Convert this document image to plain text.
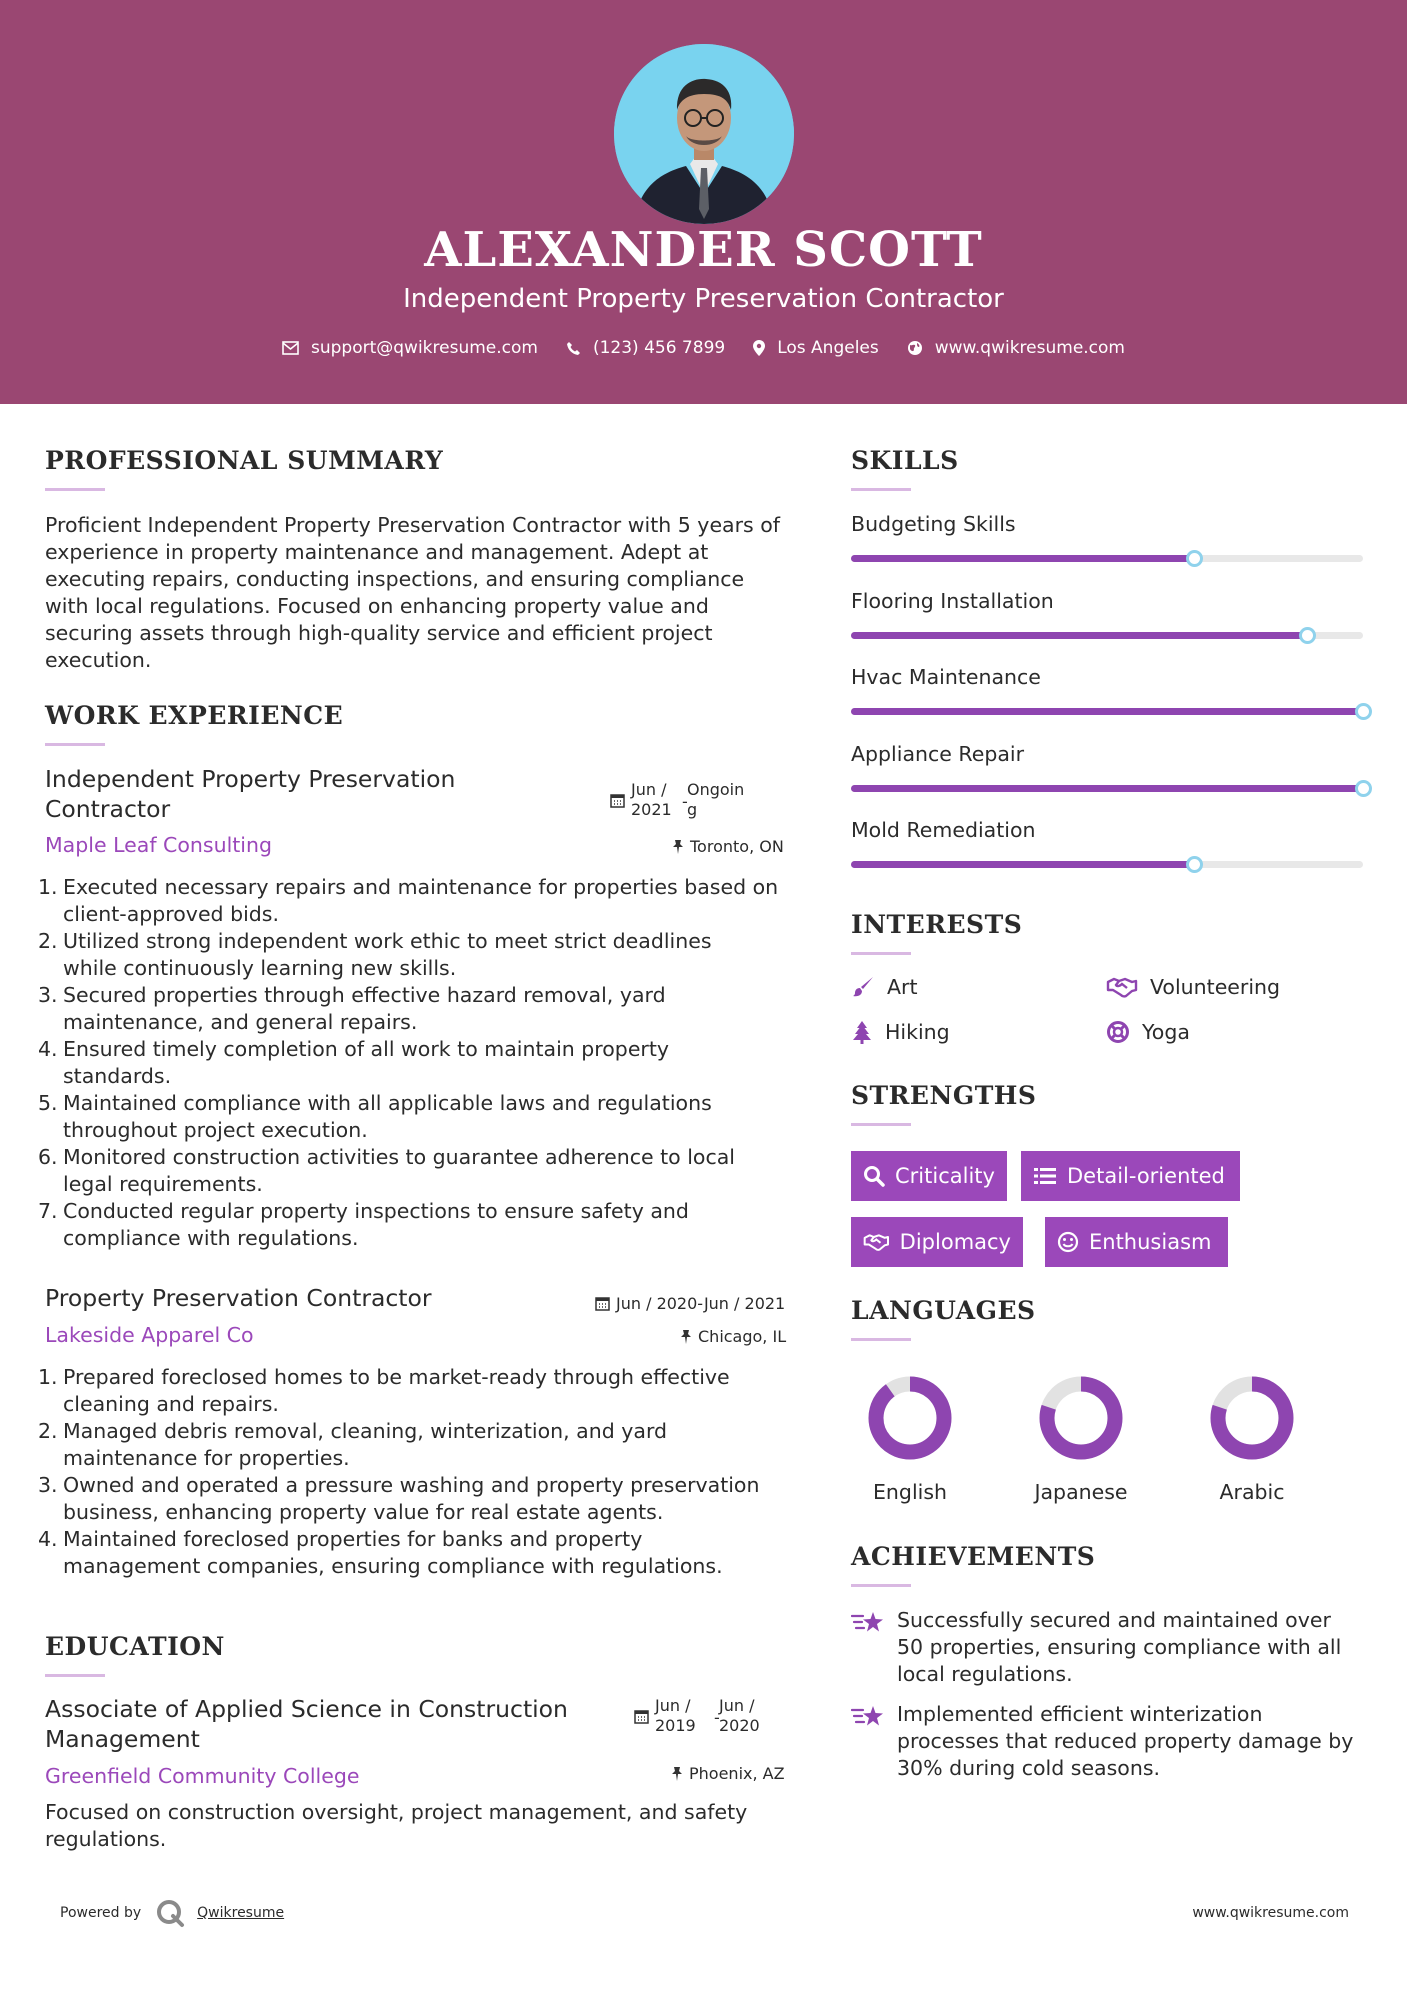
ALEXANDER SCOTT
Independent Property Preservation Contractor
support@qwikresume.com	(123) 456 7899	Los Angeles	www.qwikresume.com
PROFESSIONAL SUMMARY
Proficient Independent Property Preservation Contractor with 5 years of experience in property maintenance and management. Adept at executing repairs, conducting inspections, and ensuring compliance with local regulations. Focused on enhancing property value and securing assets through high-quality service and efficient project execution.
WORK EXPERIENCE
Independent Property Preservation
Contractor
Jun /
2021
Ongoin
- g
Maple Leaf Consulting	Toronto, ON
1. Executed necessary repairs and maintenance for properties based on
client-approved bids.
2. Utilized strong independent work ethic to meet strict deadlines
while continuously learning new skills.
3. Secured properties through effective hazard removal, yard
maintenance, and general repairs.
4. Ensured timely completion of all work to maintain property
standards.
5. Maintained compliance with all applicable laws and regulations
throughout project execution.
6. Monitored construction activities to guarantee adherence to local
legal requirements.
7. Conducted regular property inspections to ensure safety and
compliance with regulations.
Property Preservation Contractor	Jun / 2020-Jun / 2021
Lakeside Apparel Co	Chicago, IL
1. Prepared foreclosed homes to be market-ready through effective
cleaning and repairs.
2. Managed debris removal, cleaning, winterization, and yard
maintenance for properties.
3. Owned and operated a pressure washing and property preservation
business, enhancing property value for real estate agents.
4. Maintained foreclosed properties for banks and property
management companies, ensuring compliance with regulations.
EDUCATION
Associate of Applied Science in Construction
Management
Jun /
2019
Jun /
- 2020
Greenfield Community College	Phoenix, AZ
Focused on construction oversight, project management, and safety regulations.
SKILLS
Budgeting Skills
Flooring Installation
Hvac Maintenance
Appliance Repair
Mold Remediation
INTERESTS
Art	Volunteering
Hiking	Yoga
STRENGTHS
Criticality	Detail-oriented
Diplomacy	Enthusiasm
LANGUAGES
English	Japanese	Arabic
ACHIEVEMENTS
Successfully secured and maintained over
50 properties, ensuring compliance with all
local regulations.
Implemented efficient winterization
processes that reduced property damage by
30% during cold seasons.
Powered by	Qwikresume	www.qwikresume.com
